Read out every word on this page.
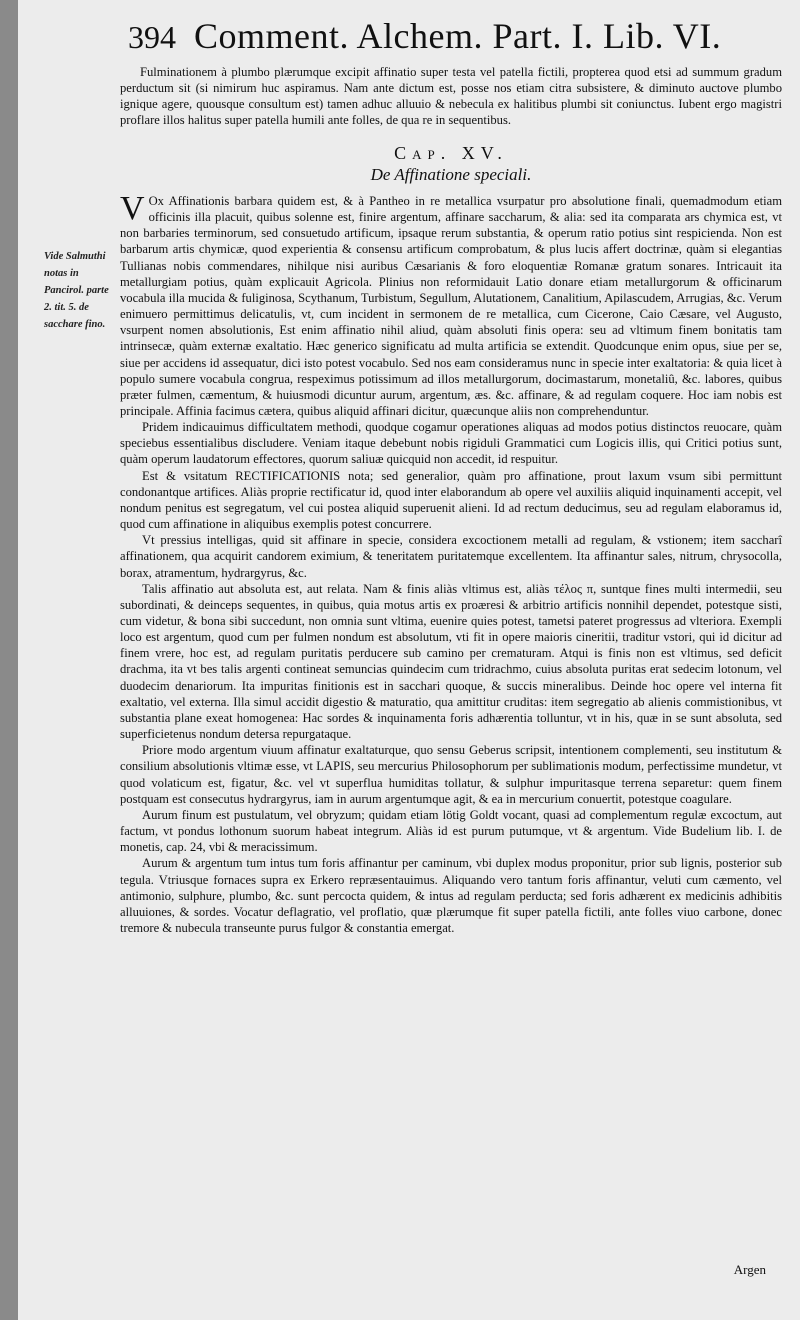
394 Comment. Alchem. Part. I. Lib. VI.
Vide Salmuthi notas in Pancirol. parte 2. tit. 5. de sacchare fino.

Fulminationem à plumbo plærumque excipit affinatio super testa vel patella fictili, propterea quod etsi ad summum gradum perductum sit (si nimirum huc aspiramus. Nam ante dictum est, posse nos etiam citra subsistere, & diminuto auctove plumbo ignique agere, quousque consultum est) tamen adhuc alluuio & nebecula ex halitibus plumbi sit coniunctus. Iubent ergo magistri proflare illos halitus super patella humili ante folles, de qua re in sequentibus.

Cap. XV.
De Affinatione speciali.

V Ox Affinationis barbara quidem est, & à Pantheo in re metallica vsurpatur pro absolutione finali, quemadmodum etiam officinis illa placuit, quibus solenne est, finire argentum, affinare saccharum, & alia: sed ita comparata ars chymica est, vt non barbaries terminorum, sed consuetudo artificum, ipsaque rerum substantia, & operum ratio potius sint respicienda. Non est barbarum artis chymicæ, quod experientia & consensu artificum comprobatum, & plus lucis affert doctrinæ, quàm si elegantias Tullianas nobis commendares, nihilque nisi auribus Cæsarianis & foro eloquentiæ Romanæ gratum sonares. Intricauit ita metallurgiam potius, quàm explicauit Agricola. Plinius non reformidauit Latio donare etiam metallurgorum & officinarum vocabula illa mucida & fuliginosa, Scythanum, Turbistum, Segullum, Alutationem, Canalitium, Apilascudem, Arrugias, &c. Verum enimuero permittimus delicatulis, vt, cum incident in sermonem de re metallica, cum Cicerone, Caio Cæsare, vel Augusto, vsurpent nomen absolutionis, Est enim affinatio nihil aliud, quàm absoluti finis opera: seu ad vltimum finem bonitatis tam intrinsecæ, quàm externæ exaltatio. Hæc generico significatu ad multa artificia se extendit. Quodcunque enim opus, siue per se, siue per accidens id assequatur, dici isto potest vocabulo. Sed nos eam consideramus nunc in specie inter exaltatoria: & quia licet à populo sumere vocabula congrua, respeximus potissimum ad illos metallurgorum, docimastarum, monetaliû, &c. labores, quibus præter fulmen, cæmentum, & huiusmodi dicuntur aurum, argentum, æs. &c. affinare, & ad regulam coquere. Hoc iam nobis est principale. Affinia facimus cætera, quibus aliquid affinari dicitur, quæcunque aliis non comprehenduntur.

Pridem indicauimus difficultatem methodi, quodque cogamur operationes aliquas ad modos potius distinctos reuocare, quàm speciebus essentialibus discludere. Veniam itaque debebunt nobis rigiduli Grammatici cum Logicis illis, qui Critici potius sunt, quàm operum laudatorum effectores, quorum saliuæ quicquid non accedit, id respuitur.

Est & vsitatum RECTIFICATIONIS nota; sed generalior, quàm pro affinatione, prout laxum vsum sibi permittunt condonantque artifices. Aliàs proprie rectificatur id, quod inter elaborandum ab opere vel auxiliis aliquid inquinamenti accepit, vel nondum penitus est segregatum, vel cui postea aliquid superuenit alieni. Id ad rectum deducimus, seu ad regulam elaboramus id, quod cum affinatione in aliquibus exemplis potest concurrere.

Vt pressius intelligas, quid sit affinare in specie, considera excoctionem metalli ad regulam, & vstionem; item saccharî affinationem, qua acquirit candorem eximium, & teneritatem puritatemque excellentem. Ita affinantur sales, nitrum, chrysocolla, borax, atramentum, hydrargyrus, &c.

Talis affinatio aut absoluta est, aut relata. Nam & finis aliàs vltimus est, aliàs τέλος π, suntque fines multi intermedii, seu subordinati, & deinceps sequentes, in quibus, quia motus artis ex proæresi & arbitrio artificis nonnihil dependet, potestque sisti, cum videtur, & bona sibi succedunt, non omnia sunt vltima, euenire quies potest, tametsi pateret progressus ad vlteriora. Exempli loco est argentum, quod cum per fulmen nondum est absolutum, vti fit in opere maioris cineritii, traditur vstori, qui id dicitur ad finem vrere, hoc est, ad regulam puritatis perducere sub camino per crematuram. Atqui is finis non est vltimus, sed deficit drachma, ita vt bes talis argenti contineat semuncias quindecim cum tridrachmo, cuius absoluta puritas erat sedecim lotonum, vel duodecim denariorum. Ita impuritas finitionis est in sacchari quoque, & succis mineralibus. Deinde hoc opere vel interna fit exaltatio, vel externa. Illa simul accidit digestio & maturatio, qua amittitur cruditas: item segregatio ab alienis commistionibus, vt substantia plane exeat homogenea: Hac sordes & inquinamenta foris adhærentia tolluntur, vt in his, quæ in se sunt absoluta, sed superficietenus nondum detersa repurgataque.

Priore modo argentum viuum affinatur exaltaturque, quo sensu Geberus scripsit, intentionem complementi, seu institutum & consilium absolutionis vltimæ esse, vt LAPIS, seu mercurius Philosophorum per sublimationis modum, perfectissime mundetur, vt quod volaticum est, figatur, &c. vel vt superflua humiditas tollatur, & sulphur impuritasque terrena separetur: quem finem postquam est consecutus hydrargyrus, iam in aurum argentumque agit, & ea in mercurium conuertit, potestque coagulare.

Aurum finum est pustulatum, vel obryzum; quidam etiam lötig Goldt vocant, quasi ad complementum regulæ excoctum, aut factum, vt pondus lothonum suorum habeat integrum. Aliàs id est purum putumque, vt & argentum. Vide Budelium lib. I. de monetis, cap. 24, vbi & meracissimum.

Aurum & argentum tum intus tum foris affinantur per caminum, vbi duplex modus proponitur, prior sub lignis, posterior sub tegula. Vtriusque fornaces supra ex Erkero repræsentauimus. Aliquando vero tantum foris affinantur, veluti cum cæmento, vel antimonio, sulphure, plumbo, &c. sunt percocta quidem, & intus ad regulam perducta; sed foris adhærent ex medicinis adhibitis alluuiones, & sordes. Vocatur deflagratio, vel proflatio, quæ plærumque fit super patella fictili, ante folles viuo carbone, donec tremore & nubecula transeunte purus fulgor & constantia emergat.

Argen
